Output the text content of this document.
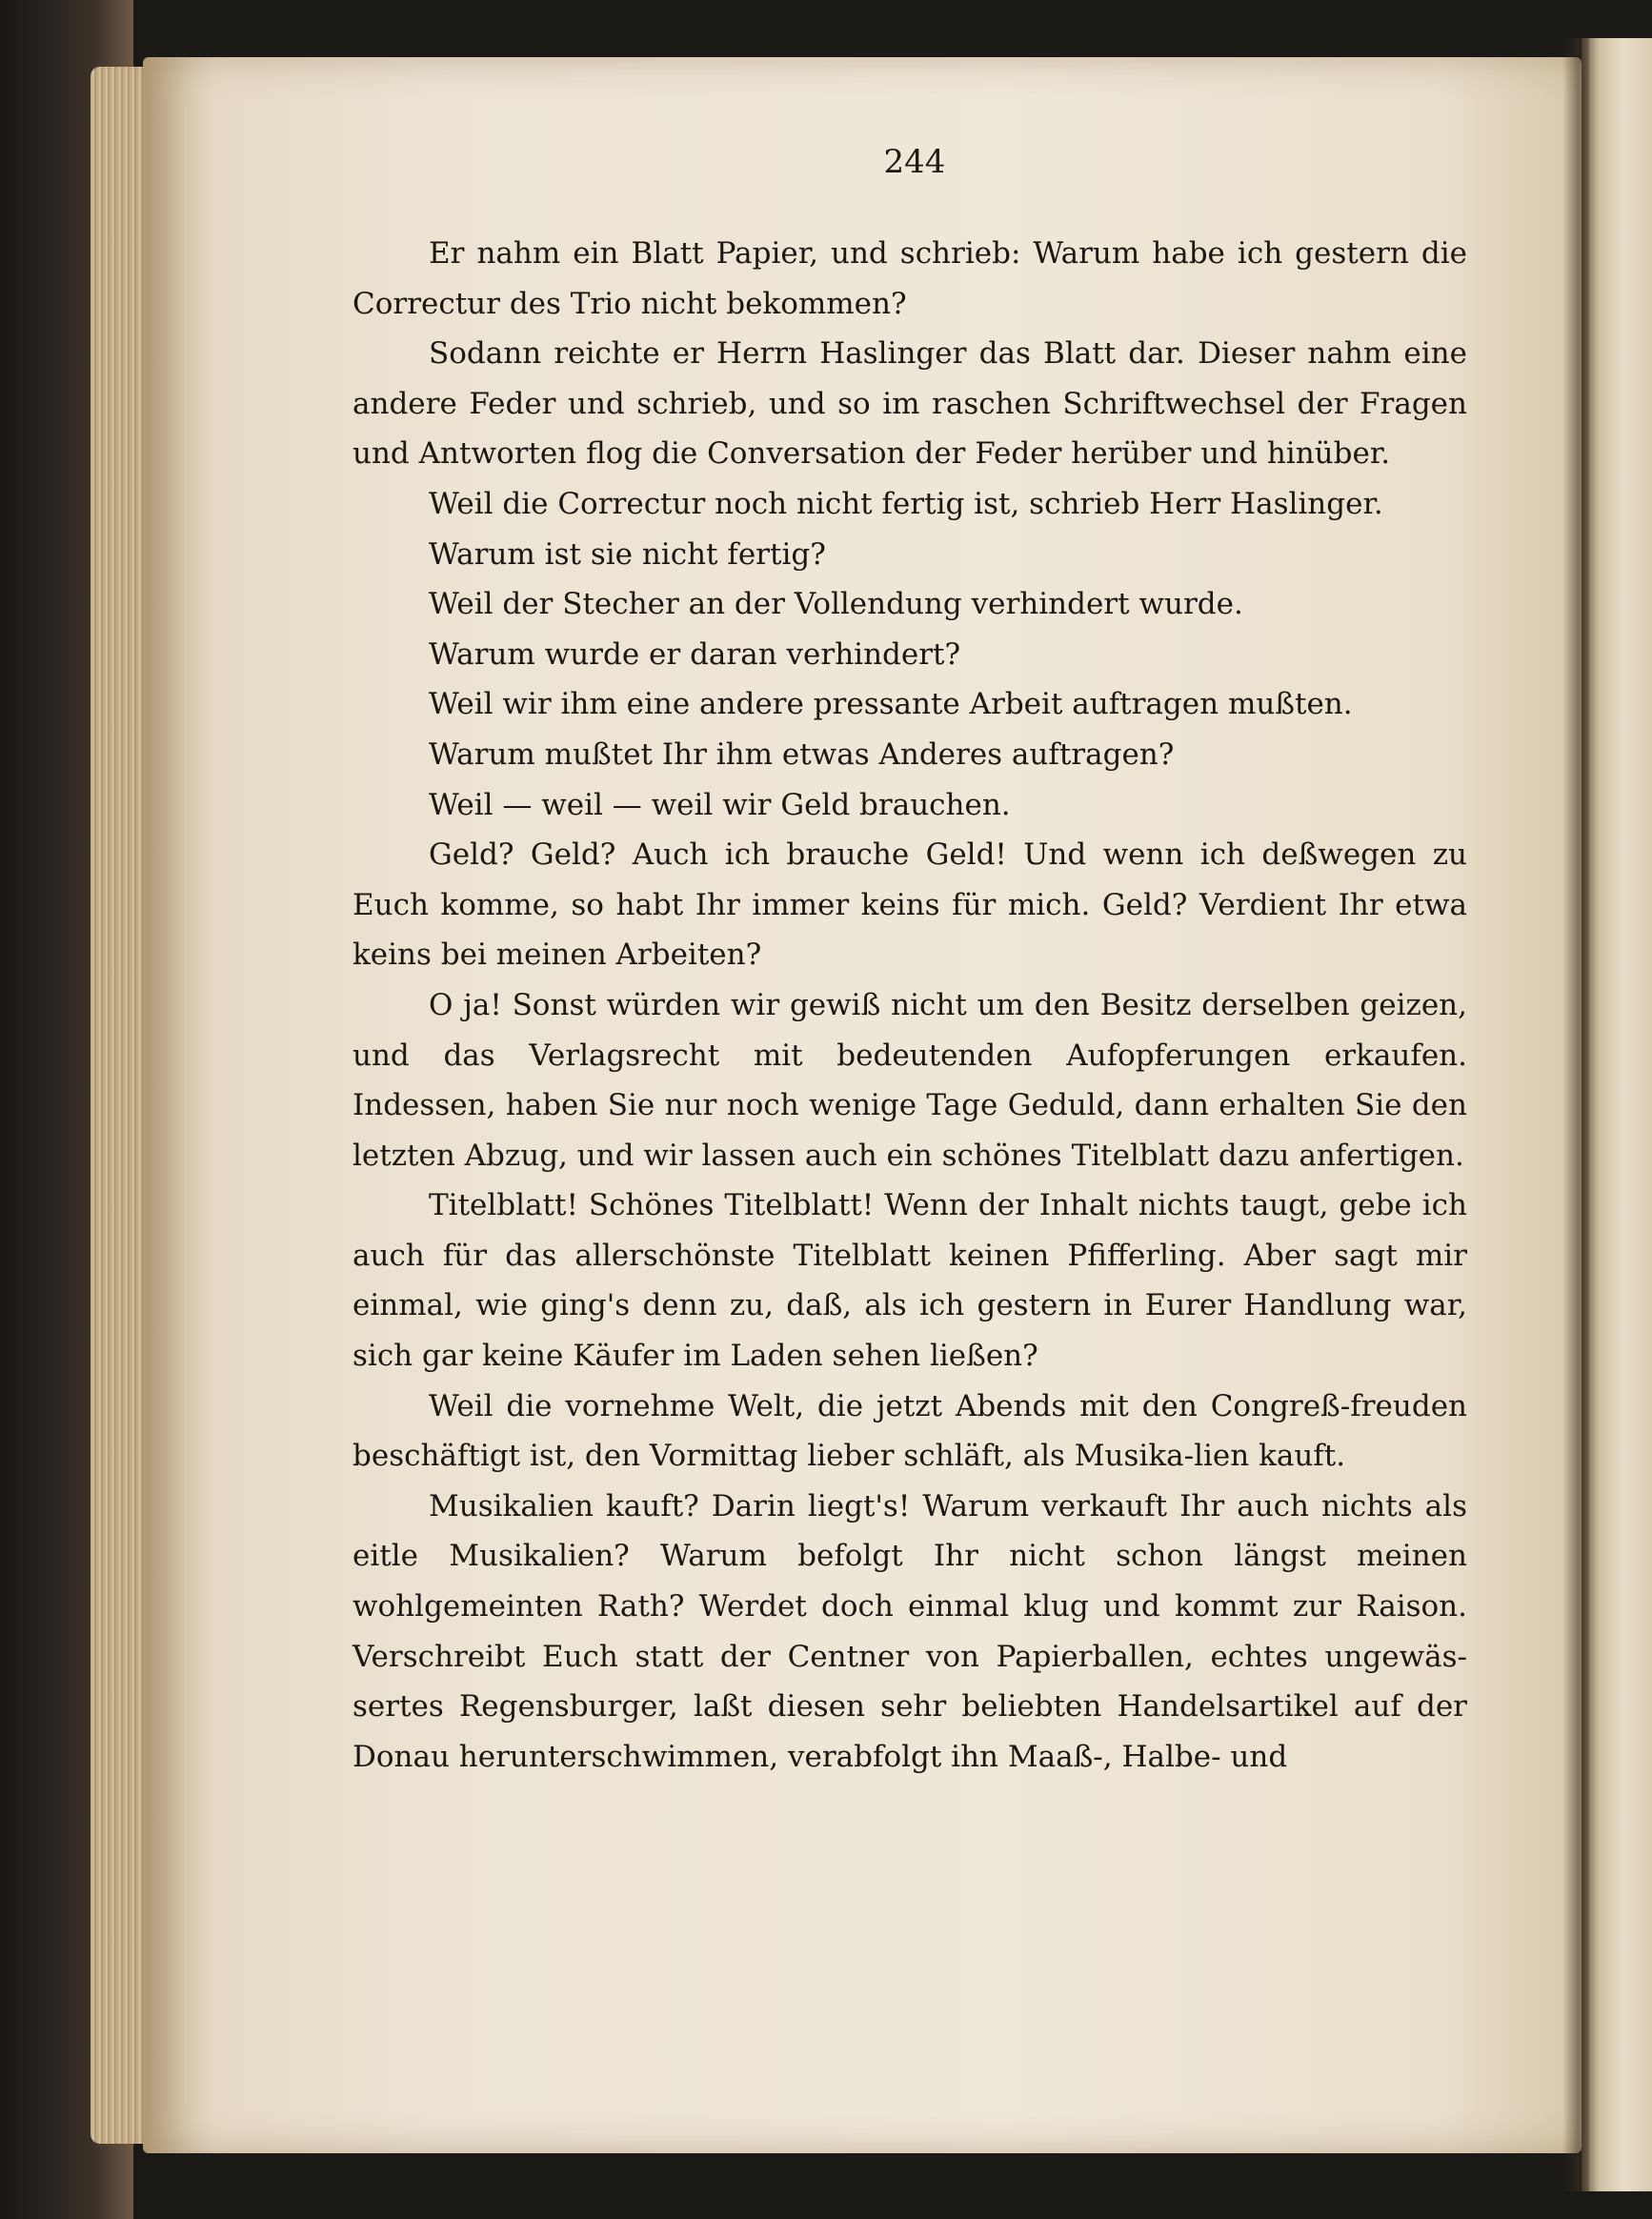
244

Er nahm ein Blatt Papier, und schrieb: Warum habe ich gestern die Correctur des Trio nicht bekommen?

Sodann reichte er Herrn Haslinger das Blatt dar. Dieser nahm eine andere Feder und schrieb, und so im raschen Schriftwechsel der Fragen und Antworten flog die Conversation der Feder herüber und hinüber.

Weil die Correctur noch nicht fertig ist, schrieb Herr Haslinger.

Warum ist sie nicht fertig?

Weil der Stecher an der Vollendung verhindert wurde.

Warum wurde er daran verhindert?

Weil wir ihm eine andere pressante Arbeit auftragen mußten.

Warum mußtet Ihr ihm etwas Anderes auftragen?

Weil — weil — weil wir Geld brauchen.

Geld? Geld? Auch ich brauche Geld! Und wenn ich deßwegen zu Euch komme, so habt Ihr immer keins für mich. Geld? Verdient Ihr etwa keins bei meinen Arbeiten?

O ja! Sonst würden wir gewiß nicht um den Besitz derselben geizen, und das Verlagsrecht mit bedeutenden Aufopferungen erkaufen. Indessen, haben Sie nur noch wenige Tage Geduld, dann erhalten Sie den letzten Abzug, und wir lassen auch ein schönes Titelblatt dazu anfertigen.

Titelblatt! Schönes Titelblatt! Wenn der Inhalt nichts taugt, gebe ich auch für das allerschönste Titelblatt keinen Pfifferling. Aber sagt mir einmal, wie ging's denn zu, daß, als ich gestern in Eurer Handlung war, sich gar keine Käufer im Laden sehen ließen?

Weil die vornehme Welt, die jetzt Abends mit den Congreß-freuden beschäftigt ist, den Vormittag lieber schläft, als Musika-lien kauft.

Musikalien kauft? Darin liegt's! Warum verkauft Ihr auch nichts als eitle Musikalien? Warum befolgt Ihr nicht schon längst meinen wohlgemeinten Rath? Werdet doch einmal klug und kommt zur Raison. Verschreibt Euch statt der Centner von Papierballen, echtes ungewäs-sertes Regensburger, laßt diesen sehr beliebten Handelsartikel auf der Donau herunterschwimmen, verabfolgt ihn Maaß-, Halbe- und
